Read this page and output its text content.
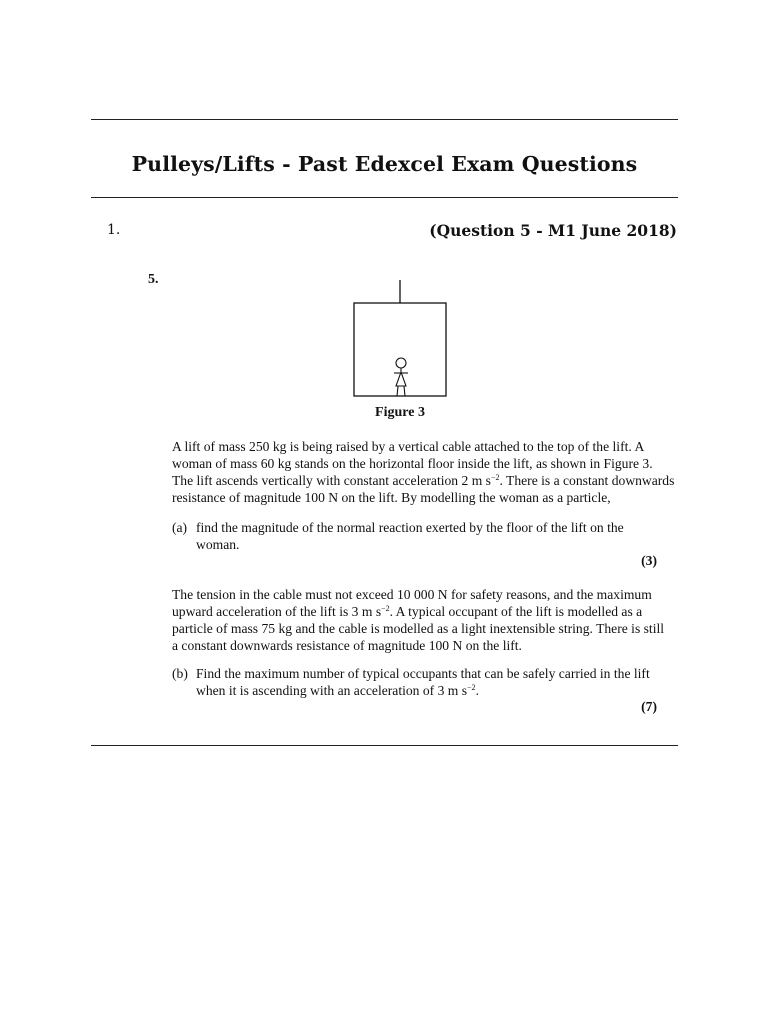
Pulleys/Lifts - Past Edexcel Exam Questions
1.	(Question 5 - M1 June 2018)
5.
Figure 3
A lift of mass 250 kg is being raised by a vertical cable attached to the top of the lift. A
woman of mass 60 kg stands on the horizontal floor inside the lift, as shown in Figure 3.
The lift ascends vertically with constant acceleration 2 m $s^{-2}$. There is a constant downwards
resistance of magnitude 100 N on the lift. By modelling the woman as a particle,
(a) find the magnitude of the normal reaction exerted by the floor of the lift on the
woman.
(3)
The tension in the cable must not exceed 10 000 N for safety reasons, and the maximum
upward acceleration of the lift is 3 m $s^{-2}$. A typical occupant of the lift is modelled as a
particle of mass 75 kg and the cable is modelled as a light inextensible string. There is still
a constant downwards resistance of magnitude 100 N on the lift.
(b) Find the maximum number of typical occupants that can be safely carried in the lift
when it is ascending with an acceleration of 3 m $s^{-2}$.
(7)
